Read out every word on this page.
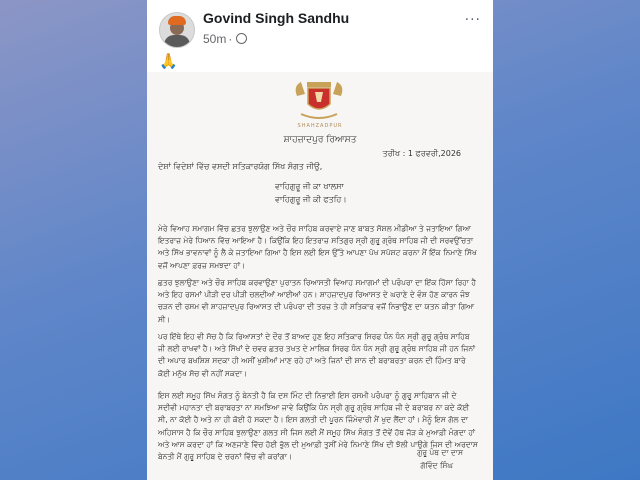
Govind Singh Sandhu
50m ·
···
🙏
SHAHZADPUR
ਸ਼ਾਹਜ਼ਾਦਪੁਰ ਰਿਆਸਤ
ਤਰੀਖ : 1 ਫਰਵਰੀ,2026
ਦੇਸ਼ਾਂ ਵਿਦੇਸ਼ਾਂ ਵਿੱਚ ਵਸਦੀ ਸਤਿਕਾਰਯੋਗ ਸਿੱਖ ਸੰਗਤ ਜੀਉ,
ਵਾਹਿਗੁਰੂ ਜੀ ਕਾ ਖਾਲਸਾ
ਵਾਹਿਗੁਰੂ ਜੀ ਕੀ ਫਤਹਿ।
ਮੇਰੇ ਵਿਆਹ ਸਮਾਗਮ ਵਿੱਚ ਛਤਰ ਝੁਲਾਉਣ ਅਤੇ ਚੌਰ ਸਾਹਿਬ ਕਰਵਾਏ ਜਾਣ ਬਾਬਤ ਸੋਸ਼ਲ ਮੀਡੀਆ ਤੇ ਜਤਾਇਆ ਗਿਆ ਇਤਰਾਜ਼ ਮੇਰੇ ਧਿਆਨ ਵਿੱਚ ਆਇਆ ਹੈ। ਕਿਉਂਕਿ ਇਹ ਇਤਰਾਜ਼ ਸਤਿਗੁਰ ਸ੍ਰੀ ਗੁਰੂ ਗ੍ਰੰਥ ਸਾਹਿਬ ਜੀ ਦੀ ਸਰਵਉੱਚਤਾ ਅਤੇ ਸਿੱਖ ਭਾਵਨਾਵਾਂ ਨੂੰ ਲੈ ਕੇ ਜਤਾਇਆ ਗਿਆ ਹੈ ਇਸ ਲਈ ਇਸ ਉੱਤੇ ਆਪਣਾ ਪੱਖ ਸਪੱਸ਼ਟ ਕਰਨਾ ਮੈਂ ਇੱਕ ਨਿਮਾਣੇ ਸਿੱਖ ਵਜੋਂ ਆਪਣਾ ਫ਼ਰਜ਼ ਸਮਝਦਾ ਹਾਂ।
ਛਤਰ ਝੁਲਾਉਣਾ ਅਤੇ ਚੌਰ ਸਾਹਿਬ ਕਰਵਾਉਣਾ ਪੁਰਾਤਨ ਰਿਆਸਤੀ ਵਿਆਹ ਸਮਾਗਮਾਂ ਦੀ ਪਰੰਪਰਾ ਦਾ ਇੱਕ ਹਿੱਸਾ ਰਿਹਾ ਹੈ ਅਤੇ ਇਹ ਰਸਮਾਂ ਪੀੜੀ ਦਰ ਪੀੜੀ ਚਲਦੀਆਂ ਆਈਆਂ ਹਨ। ਸ਼ਾਹਜ਼ਾਦਪੁਰ ਰਿਆਸਤ ਦੇ ਘਰਾਣੇ ਦੇ ਵੰਸ਼ ਹੋਣ ਕਾਰਨ ਜੰਝ ਚੜਨ ਦੀ ਰਸਮ ਵੀ ਸ਼ਾਹਜ਼ਾਦਪੁਰ ਰਿਆਸਤ ਦੀ ਪਰੰਪਰਾ ਦੀ ਤਰਜ਼ ਤੇ ਹੀ ਸਤਿਕਾਰ ਵਜੋਂ ਨਿਭਾਉਣ ਦਾ ਯਤਨ ਕੀਤਾ ਗਿਆ ਸੀ।
ਪਰ ਇੱਥੇ ਇਹ ਵੀ ਸੱਚ ਹੈ ਕਿ ਰਿਆਸਤਾਂ ਦੇ ਦੌਰ ਤੋਂ ਬਾਅਦ ਹੁਣ ਇਹ ਸਤਿਕਾਰ ਸਿਰਫ ਧੰਨ ਧੰਨ ਸ੍ਰੀ ਗੁਰੂ ਗ੍ਰੰਥ ਸਾਹਿਬ ਜੀ ਲਈ ਰਾਖਵਾਂ ਹੈ। ਅਤੇ ਸਿੱਖਾਂ ਦੇ ਚਵਰ ਛਤਰ ਤਖਤ ਦੇ ਮਾਲਿਕ ਸਿਰਫ ਧੰਨ ਧੰਨ ਸ੍ਰੀ ਗੁਰੂ ਗ੍ਰੰਥ ਸਾਹਿਬ ਜੀ ਹਨ ਜਿਨਾਂ ਦੀ ਅਪਾਰ ਬਖਸ਼ਿਸ਼ ਸਦਕਾ ਹੀ ਅਸੀਂ ਖੁਸ਼ੀਆਂ ਮਾਣ ਰਹੇ ਹਾਂ ਅਤੇ ਜਿਨਾਂ ਦੀ ਸ਼ਾਨ ਦੀ ਬਰਾਬਰਤਾ ਕਰਨ ਦੀ ਹਿੰਮਤ ਬਾਰੇ ਕੋਈ ਮਨੁੱਖ ਸੋਚ ਵੀ ਨਹੀਂ ਸਕਦਾ।
ਇਸ ਲਈ ਸਮੂਹ ਸਿੱਖ ਸੰਗਤ ਨੂੰ ਬੇਨਤੀ ਹੈ ਕਿ ਦਸ ਮਿੰਟ ਦੀ ਨਿਭਾਈ ਇਸ ਰਸਮੀ ਪਰੰਪਰਾ ਨੂੰ ਗੁਰੂ ਸਾਹਿਬਾਨ ਜੀ ਦੇ ਸਦੀਵੀ ਮਹਾਨਤਾ ਦੀ ਬਰਾਬਰਤਾ ਨਾ ਸਮਝਿਆ ਜਾਵੇ ਕਿਉਂਕਿ ਧੰਨ ਸ੍ਰੀ ਗੁਰੂ ਗ੍ਰੰਥ ਸਾਹਿਬ ਜੀ ਦੇ ਬਰਾਬਰ ਨਾ ਕਦੇ ਕੋਈ ਸੀ, ਨਾ ਕੋਈ ਹੈ ਅਤੇ ਨਾ ਹੀ ਕੋਈ ਹੋ ਸਕਦਾ ਹੈ। ਇਸ ਗਲਤੀ ਦੀ ਪੂਰਨ ਜਿੰਮੇਵਾਰੀ ਮੈਂ ਖੁਦ ਲੈਂਦਾ ਹਾਂ। ਮੈਨੂੰ ਇਸ ਗੱਲ ਦਾ ਅਹਿਸਾਸ ਹੈ ਕਿ ਚੌਰ ਸਾਹਿਬ ਝੁਲਾਉਣਾ ਗਲਤ ਸੀ ਜਿਸ ਲਈ ਮੈਂ ਸਮੂਹ ਸਿੱਖ ਸੰਗਤ ਤੋਂ ਦੋਵੇਂ ਹੱਥ ਜੋੜ ਕੇ ਮੁਆਫ਼ੀ ਮੰਗਦਾ ਹਾਂ ਅਤੇ ਆਸ ਕਰਦਾ ਹਾਂ ਕਿ ਅਣਜਾਣੇ ਵਿੱਚ ਹੋਈ ਭੁੱਲ ਦੀ ਮੁਆਫ਼ੀ ਤੁਸੀਂ ਮੇਰੇ ਨਿਮਾਣੇ ਸਿੱਖ ਦੀ ਝੋਲੀ ਪਾਉਗੇ ਜਿਸ ਦੀ ਅਰਦਾਸ ਬੇਨਤੀ ਮੈਂ ਗੁਰੂ ਸਾਹਿਬ ਦੇ ਚਰਨਾਂ ਵਿੱਚ ਵੀ ਕਰਾਂਗਾ।	ਗੁਰੂ ਪੰਥ ਦਾ ਦਾਸ
ਗੋਵਿੰਦ ਸਿੰਘ
